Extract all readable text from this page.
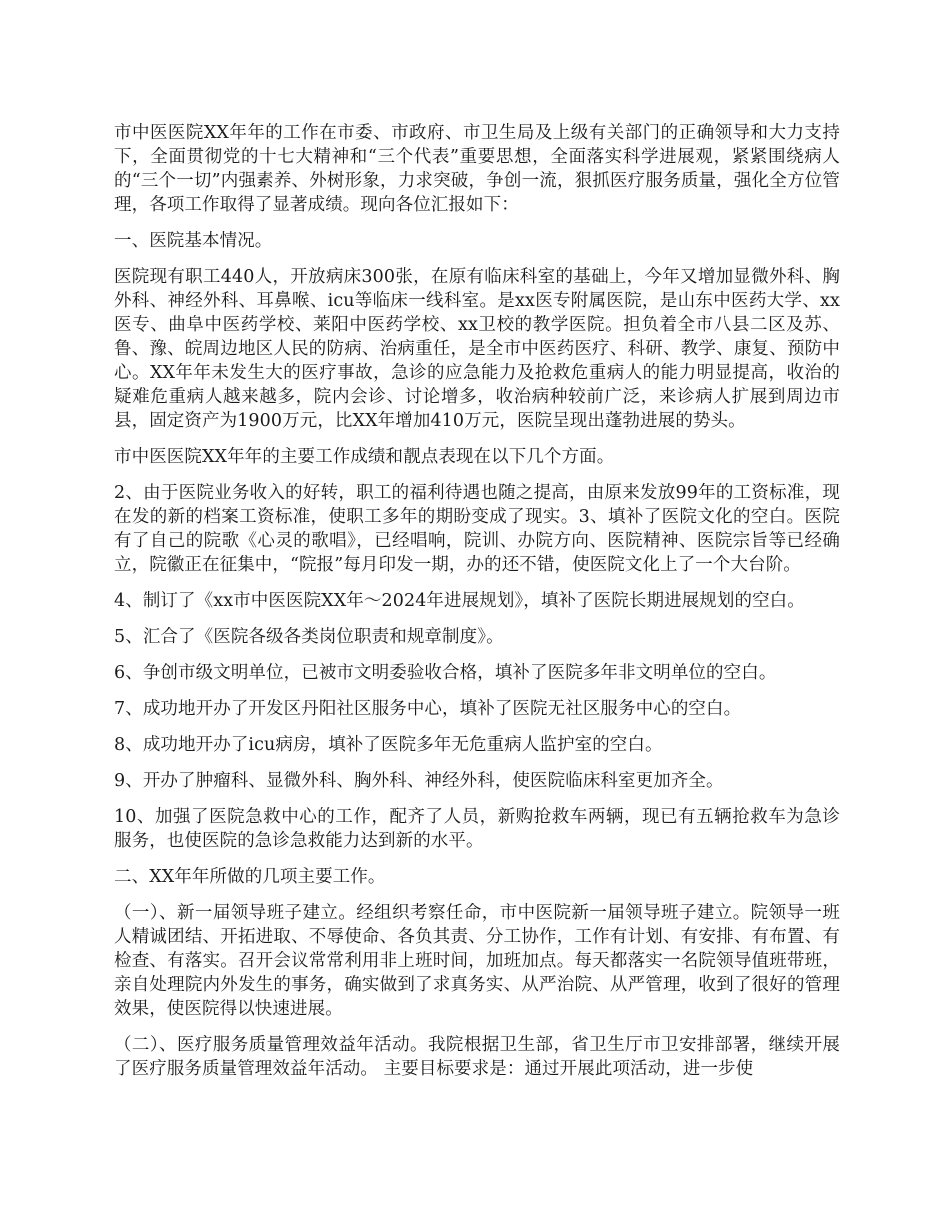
市中医医院XX年年的工作在市委、市政府、市卫生局及上级有关部门的正确领导和大力支持下，全面贯彻党的十七大精神和“三个代表”重要思想，全面落实科学进展观，紧紧围绕病人的“三个一切”内强素养、外树形象，力求突破，争创一流，狠抓医疗服务质量，强化全方位管理，各项工作取得了显著成绩。现向各位汇报如下：

一、医院基本情况。

医院现有职工440人，开放病床300张，在原有临床科室的基础上，今年又增加显微外科、胸外科、神经外科、耳鼻喉、icu等临床一线科室。是xx医专附属医院，是山东中医药大学、xx医专、曲阜中医药学校、莱阳中医药学校、xx卫校的教学医院。担负着全市八县二区及苏、鲁、豫、皖周边地区人民的防病、治病重任，是全市中医药医疗、科研、教学、康复、预防中心。XX年年未发生大的医疗事故，急诊的应急能力及抢救危重病人的能力明显提高，收治的疑难危重病人越来越多，院内会诊、讨论增多，收治病种较前广泛，来诊病人扩展到周边市县，固定资产为1900万元，比XX年增加410万元，医院呈现出蓬勃进展的势头。

市中医医院XX年年的主要工作成绩和靓点表现在以下几个方面。

2、由于医院业务收入的好转，职工的福利待遇也随之提高，由原来发放99年的工资标准，现在发的新的档案工资标准，使职工多年的期盼变成了现实。3、填补了医院文化的空白。医院有了自己的院歌《心灵的歌唱》，已经唱响，院训、办院方向、医院精神、医院宗旨等已经确立，院徽正在征集中，“院报”每月印发一期，办的还不错，使医院文化上了一个大台阶。

4、制订了《xx市中医医院XX年～2024年进展规划》，填补了医院长期进展规划的空白。

5、汇合了《医院各级各类岗位职责和规章制度》。

6、争创市级文明单位，已被市文明委验收合格，填补了医院多年非文明单位的空白。

7、成功地开办了开发区丹阳社区服务中心，填补了医院无社区服务中心的空白。

8、成功地开办了icu病房，填补了医院多年无危重病人监护室的空白。

9、开办了肿瘤科、显微外科、胸外科、神经外科，使医院临床科室更加齐全。

10、加强了医院急救中心的工作，配齐了人员，新购抢救车两辆，现已有五辆抢救车为急诊服务，也使医院的急诊急救能力达到新的水平。

二、XX年年所做的几项主要工作。

（一）、新一届领导班子建立。经组织考察任命，市中医院新一届领导班子建立。院领导一班人精诚团结、开拓进取、不辱使命、各负其责、分工协作，工作有计划、有安排、有布置、有检查、有落实。召开会议常常利用非上班时间，加班加点。每天都落实一名院领导值班带班，亲自处理院内外发生的事务，确实做到了求真务实、从严治院、从严管理，收到了很好的管理效果，使医院得以快速进展。

（二）、医疗服务质量管理效益年活动。我院根据卫生部，省卫生厅市卫安排部署，继续开展了医疗服务质量管理效益年活动。 主要目标要求是：通过开展此项活动，进一步使
